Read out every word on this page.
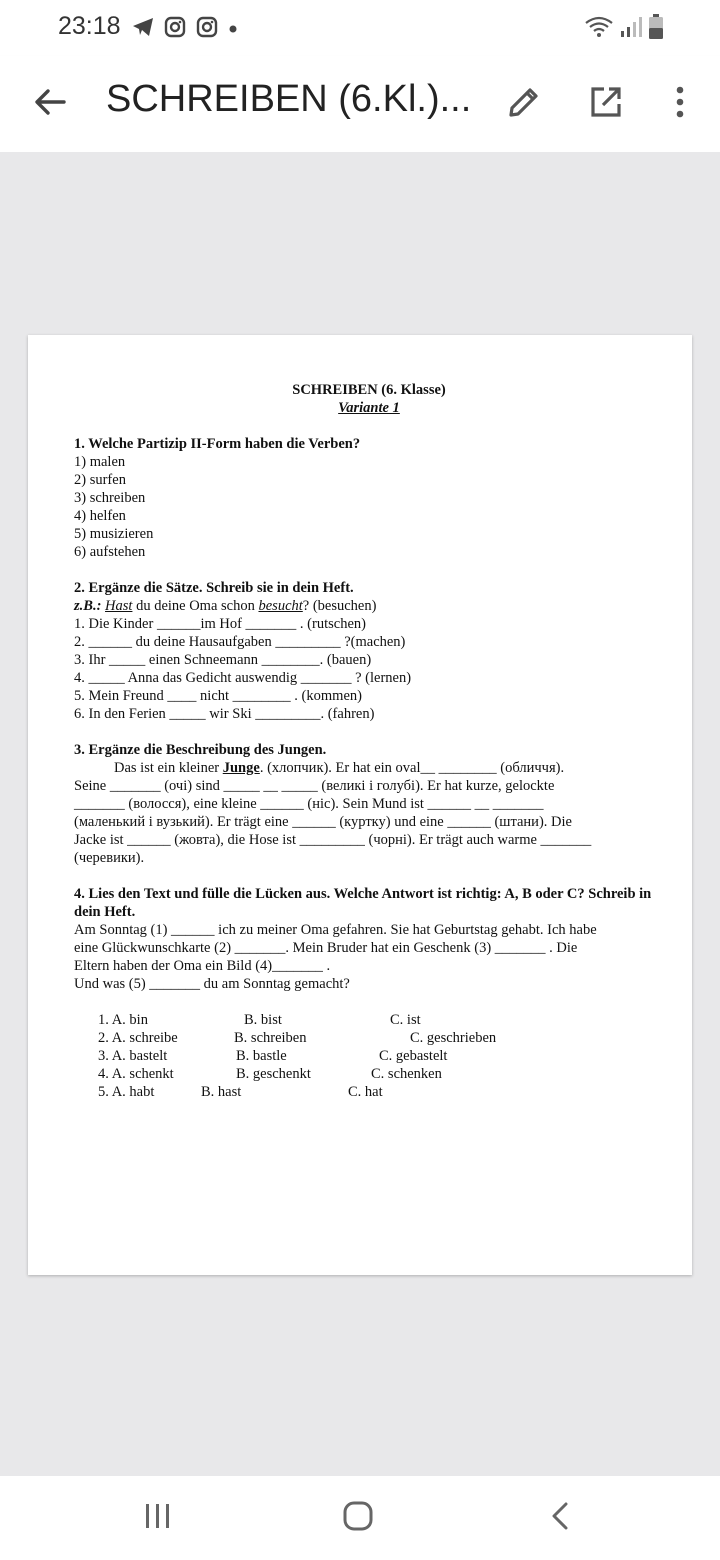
23:18
SCHREIBEN (6.Kl.)...
SCHREIBEN (6. Klasse)
Variante 1
1. Welche Partizip II-Form haben die Verben?
1) malen
2) surfen
3) schreiben
4) helfen
5) musizieren
6) aufstehen
2. Ergänze die Sätze. Schreib sie in dein Heft.
z.B.: Hast du deine Oma schon besucht? (besuchen)
1. Die Kinder ______im Hof _______ . (rutschen)
2. ______ du deine Hausaufgaben _________ ?(machen)
3. Ihr _____ einen Schneemann ________. (bauen)
4. _____ Anna das Gedicht auswendig _______ ? (lernen)
5. Mein Freund ____ nicht ________ . (kommen)
6. In den Ferien _____ wir Ski _________. (fahren)
3. Ergänze die Beschreibung des Jungen.
Das ist ein kleiner Junge. (хлопчик). Er hat ein oval__ ________ (обличчя).
Seine _______ (очі) sind _____ __ _____ (великі і голубі). Er hat kurze, gelockte
_______ (волосся), eine kleine ______ (ніс). Sein Mund ist ______ __ _______
(маленький і вузький). Er trägt eine ______ (куртку) und eine ______ (штани). Die
Jacke ist ______ (жовта), die Hose ist _________ (чорні). Er trägt auch warme _______
(черевики).
4. Lies den Text und fülle die Lücken aus. Welche Antwort ist richtig: A, B oder C? Schreib in dein Heft.
Am Sonntag (1) ______ ich zu meiner Oma gefahren. Sie hat Geburtstag gehabt. Ich habe
eine Glückwunschkarte (2) _______. Mein Bruder hat ein Geschenk (3) _______ . Die
Eltern haben der Oma ein Bild (4)_______ .
Und was (5) _______ du am Sonntag gemacht?
1. A. bin	B. bist	C. ist
2. A. schreibe	B. schreiben	C. geschrieben
3. A. bastelt	B. bastle	C. gebastelt
4. A. schenkt	B. geschenkt	C. schenken
5. A. habt	B. hast	C. hat
